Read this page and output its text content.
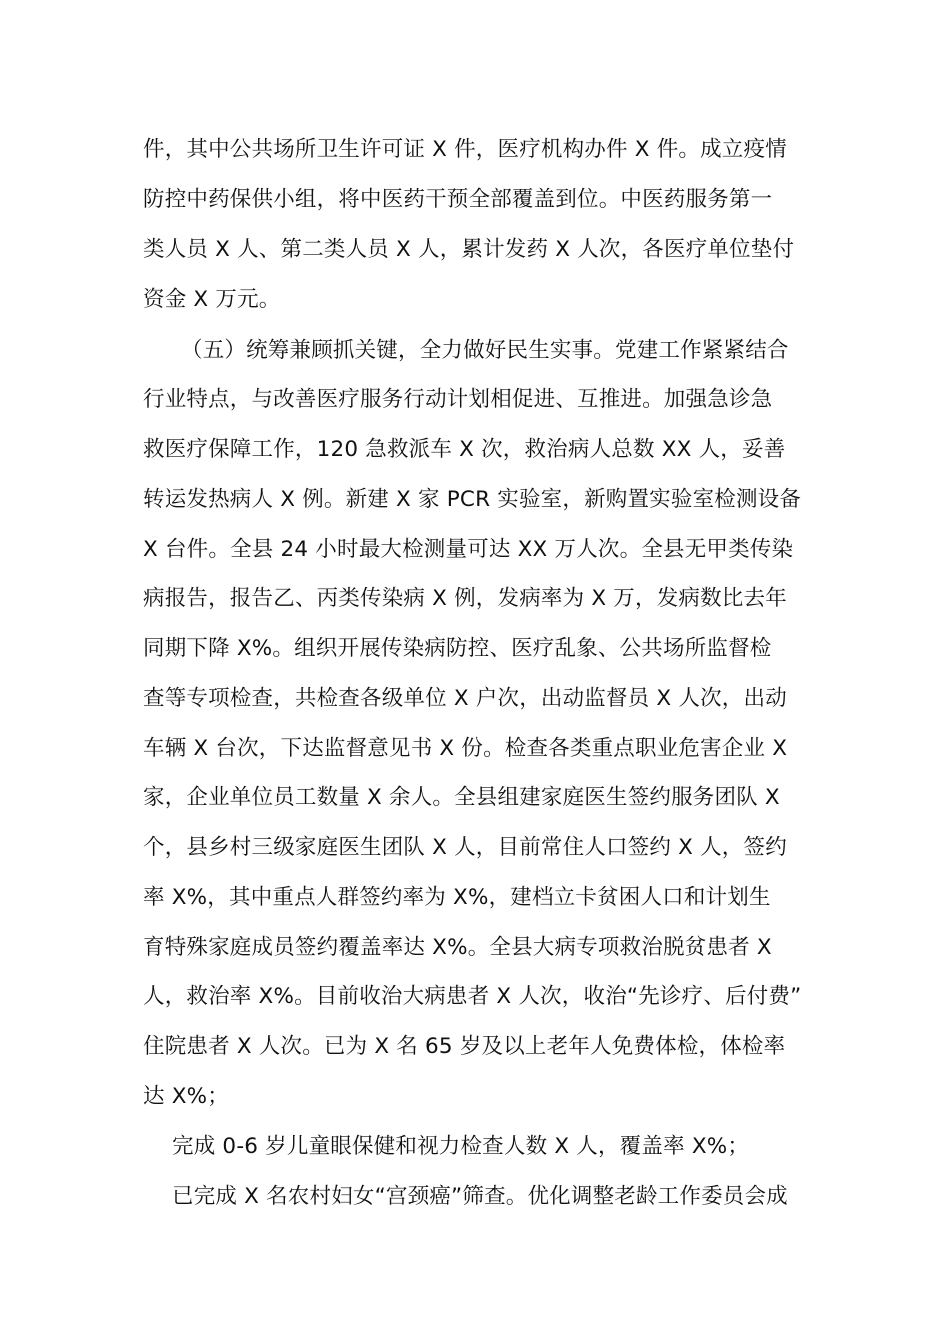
件，其中公共场所卫生许可证 X 件，医疗机构办件 X 件。成立疫情
防控中药保供小组，将中医药干预全部覆盖到位。中医药服务第一
类人员 X 人、第二类人员 X 人，累计发药 X 人次，各医疗单位垫付
资金 X 万元。
（五）统筹兼顾抓关键，全力做好民生实事。党建工作紧紧结合
行业特点，与改善医疗服务行动计划相促进、互推进。加强急诊急
救医疗保障工作，120 急救派车 X 次，救治病人总数 XX 人，妥善
转运发热病人 X 例。新建 X 家 PCR 实验室，新购置实验室检测设备
X 台件。全县 24 小时最大检测量可达 XX 万人次。全县无甲类传染
病报告，报告乙、丙类传染病 X 例，发病率为 X 万，发病数比去年
同期下降 X%。组织开展传染病防控、医疗乱象、公共场所监督检
查等专项检查，共检查各级单位 X 户次，出动监督员 X 人次，出动
车辆 X 台次，下达监督意见书 X 份。检查各类重点职业危害企业 X
家，企业单位员工数量 X 余人。全县组建家庭医生签约服务团队 X
个，县乡村三级家庭医生团队 X 人，目前常住人口签约 X 人，签约
率 X%，其中重点人群签约率为 X%，建档立卡贫困人口和计划生
育特殊家庭成员签约覆盖率达 X%。全县大病专项救治脱贫患者 X
人，救治率 X%。目前收治大病患者 X 人次，收治“先诊疗、后付费”
住院患者 X 人次。已为 X 名 65 岁及以上老年人免费体检，体检率
达 X%；
完成 0-6 岁儿童眼保健和视力检查人数 X 人，覆盖率 X%；
已完成 X 名农村妇女“宫颈癌”筛查。优化调整老龄工作委员会成
